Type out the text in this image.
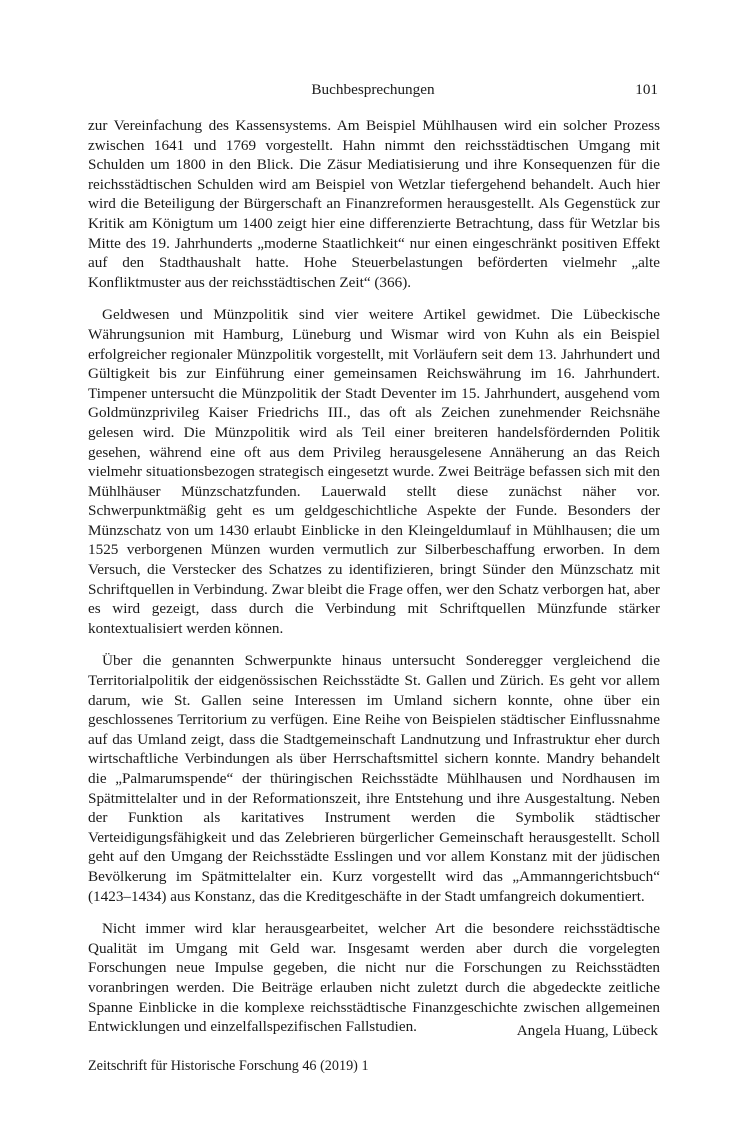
Buchbesprechungen	101

zur Vereinfachung des Kassensystems. Am Beispiel Mühlhausen wird ein solcher Prozess zwischen 1641 und 1769 vorgestellt. Hahn nimmt den reichsstädtischen Umgang mit Schulden um 1800 in den Blick. Die Zäsur Mediatisierung und ihre Konsequenzen für die reichsstädtischen Schulden wird am Beispiel von Wetzlar tiefergehend behandelt. Auch hier wird die Beteiligung der Bürgerschaft an Finanzreformen herausgestellt. Als Gegenstück zur Kritik am Königtum um 1400 zeigt hier eine differenzierte Betrachtung, dass für Wetzlar bis Mitte des 19. Jahrhunderts „moderne Staatlichkeit“ nur einen eingeschränkt positiven Effekt auf den Stadthaushalt hatte. Hohe Steuerbelastungen beförderten vielmehr „alte Konfliktmuster aus der reichsstädtischen Zeit“ (366).

Geldwesen und Münzpolitik sind vier weitere Artikel gewidmet. Die Lübeckische Währungsunion mit Hamburg, Lüneburg und Wismar wird von Kuhn als ein Beispiel erfolgreicher regionaler Münzpolitik vorgestellt, mit Vorläufern seit dem 13. Jahrhundert und Gültigkeit bis zur Einführung einer gemeinsamen Reichswährung im 16. Jahrhundert. Timpener untersucht die Münzpolitik der Stadt Deventer im 15. Jahrhundert, ausgehend vom Goldmünzprivileg Kaiser Friedrichs III., das oft als Zeichen zunehmender Reichsnähe gelesen wird. Die Münzpolitik wird als Teil einer breiteren handelsfördernden Politik gesehen, während eine oft aus dem Privileg herausgelesene Annäherung an das Reich vielmehr situationsbezogen strategisch eingesetzt wurde. Zwei Beiträge befassen sich mit den Mühlhäuser Münzschatzfunden. Lauerwald stellt diese zunächst näher vor. Schwerpunktmäßig geht es um geldgeschichtliche Aspekte der Funde. Besonders der Münzschatz von um 1430 erlaubt Einblicke in den Kleingeldumlauf in Mühlhausen; die um 1525 verborgenen Münzen wurden vermutlich zur Silberbeschaffung erworben. In dem Versuch, die Verstecker des Schatzes zu identifizieren, bringt Sünder den Münzschatz mit Schriftquellen in Verbindung. Zwar bleibt die Frage offen, wer den Schatz verborgen hat, aber es wird gezeigt, dass durch die Verbindung mit Schriftquellen Münzfunde stärker kontextualisiert werden können.

Über die genannten Schwerpunkte hinaus untersucht Sonderegger vergleichend die Territorialpolitik der eidgenössischen Reichsstädte St. Gallen und Zürich. Es geht vor allem darum, wie St. Gallen seine Interessen im Umland sichern konnte, ohne über ein geschlossenes Territorium zu verfügen. Eine Reihe von Beispielen städtischer Einflussnahme auf das Umland zeigt, dass die Stadtgemeinschaft Landnutzung und Infrastruktur eher durch wirtschaftliche Verbindungen als über Herrschaftsmittel sichern konnte. Mandry behandelt die „Palmarumspende“ der thüringischen Reichsstädte Mühlhausen und Nordhausen im Spätmittelalter und in der Reformationszeit, ihre Entstehung und ihre Ausgestaltung. Neben der Funktion als karitatives Instrument werden die Symbolik städtischer Verteidigungsfähigkeit und das Zelebrieren bürgerlicher Gemeinschaft herausgestellt. Scholl geht auf den Umgang der Reichsstädte Esslingen und vor allem Konstanz mit der jüdischen Bevölkerung im Spätmittelalter ein. Kurz vorgestellt wird das „Ammanngerichtsbuch“ (1423–1434) aus Konstanz, das die Kreditgeschäfte in der Stadt umfangreich dokumentiert.

Nicht immer wird klar herausgearbeitet, welcher Art die besondere reichsstädtische Qualität im Umgang mit Geld war. Insgesamt werden aber durch die vorgelegten Forschungen neue Impulse gegeben, die nicht nur die Forschungen zu Reichsstädten voranbringen werden. Die Beiträge erlauben nicht zuletzt durch die abgedeckte zeitliche Spanne Einblicke in die komplexe reichsstädtische Finanzgeschichte zwischen allgemeinen Entwicklungen und einzelfallspezifischen Fallstudien.	Angela Huang, Lübeck
Zeitschrift für Historische Forschung 46 (2019) 1
